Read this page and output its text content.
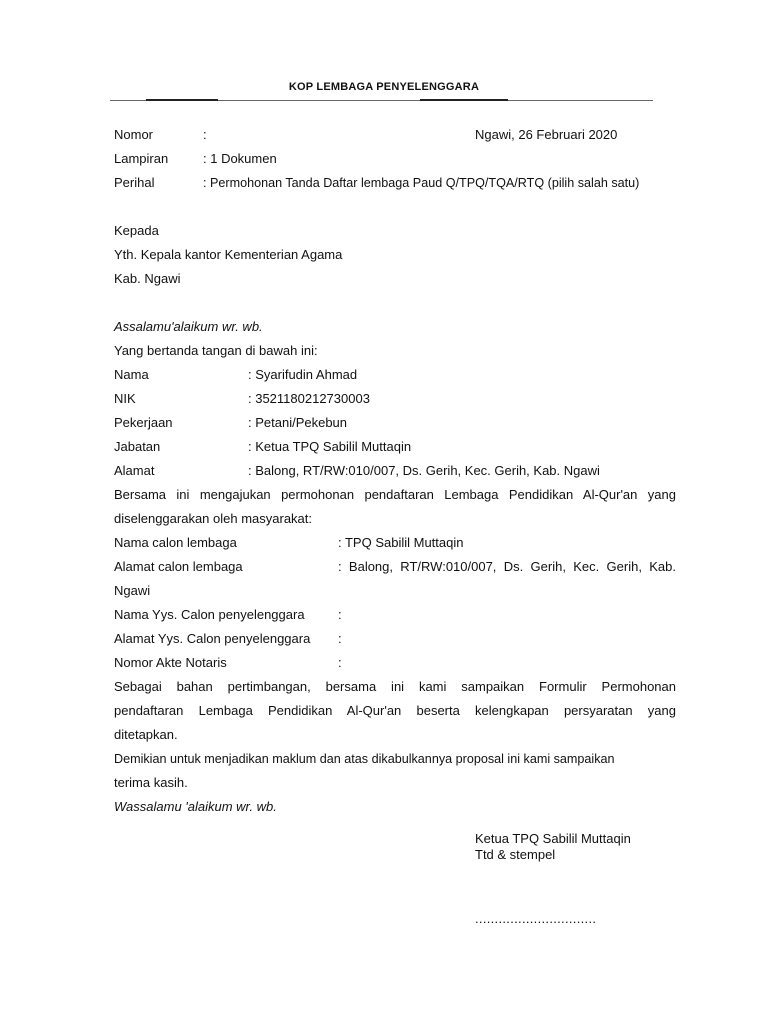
KOP LEMBAGA PENYELENGGARA
Nomor	:	Ngawi, 26 Februari 2020
Lampiran	: 1 Dokumen
Perihal	: Permohonan Tanda Daftar lembaga Paud Q/TPQ/TQA/RTQ (pilih salah satu)
Kepada
Yth. Kepala kantor Kementerian Agama
Kab. Ngawi
Assalamu'alaikum wr. wb.
Yang bertanda tangan di bawah ini:
Nama	: Syarifudin Ahmad
NIK	: 3521180212730003
Pekerjaan	: Petani/Pekebun
Jabatan	: Ketua TPQ Sabilil Muttaqin
Alamat	: Balong, RT/RW:010/007, Ds. Gerih, Kec. Gerih, Kab. Ngawi
Bersama ini mengajukan permohonan pendaftaran Lembaga Pendidikan Al-Qur'an yang
diselenggarakan oleh masyarakat:
Nama calon lembaga	: TPQ Sabilil Muttaqin
Alamat calon lembaga	: Balong, RT/RW:010/007, Ds. Gerih, Kec. Gerih, Kab.
Ngawi
Nama Yys. Calon penyelenggara	:
Alamat Yys. Calon penyelenggara :
Nomor Akte Notaris	:
Sebagai bahan pertimbangan, bersama ini kami sampaikan Formulir Permohonan
pendaftaran Lembaga Pendidikan Al-Qur'an beserta kelengkapan persyaratan yang
ditetapkan.
Demikian untuk menjadikan maklum dan atas dikabulkannya proposal ini kami sampaikan
terima kasih.
Wassalamu 'alaikum wr. wb.
Ketua TPQ Sabilil Muttaqin
Ttd & stempel
...............................
